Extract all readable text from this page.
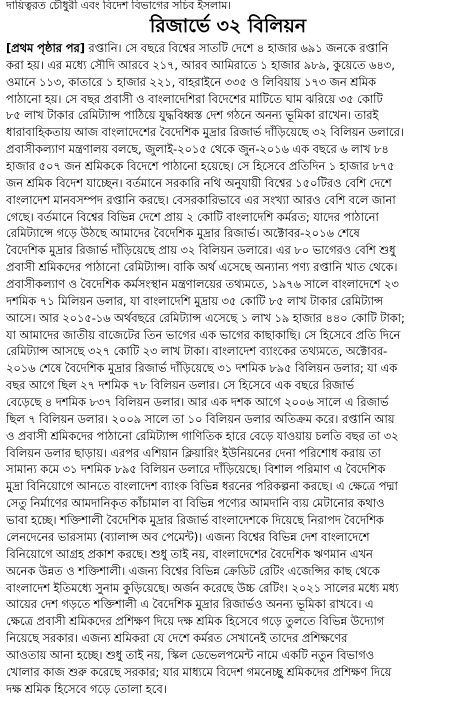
দায়িত্বরত চৌধুরী এবং বিদেশ বিভাগের সচিব ইসলাম।
রিজার্ভে ৩২ বিলিয়ন
[প্রথম পৃষ্ঠার পর] রপ্তানি। সে বছরে বিশ্বের সাতটি দেশে ৪ হাজার ৬৯১ জনকে রপ্তানি
করা হয়। এর মধ্যে সৌদি আরবে ২১৭, আরব আমিরাতে ১ হাজার ৯৮৯, কুয়েতে ৬৪৩,
ওমানে ১১৩, কাতারে ১ হাজার ২২১, বাহরাইনে ৩৩৫ ও লিবিয়ায় ১৭৩ জন শ্রমিক
পাঠানো হয়। সে বছর প্রবাসী ও বাংলাদেশিরা বিদেশের মাটিতে ঘাম ঝরিয়ে ৩৫ কোটি
৮৫ লাখ টাকার রেমিট্যান্স পাঠিয়ে যুদ্ধবিধ্বস্ত দেশ গঠনে অনন্য ভূমিকা রাখেন। তারই
ধারাবাহিকতায় আজ বাংলাদেশের বৈদেশিক মুদ্রার রিজার্ভ দাঁড়িয়েছে ৩২ বিলিয়ন ডলারে।
প্রবাসীকল্যাণ মন্ত্রণালয় বলছে, জুলাই-২০১৫ থেকে জুন-২০১৬ এক বছরে ৬ লাখ ৮৪
হাজার ৫০৭ জন শ্রমিককে বিদেশে পাঠানো হয়েছে। সে হিসেবে প্রতিদিন ১ হাজার ৮৭৫
জন শ্রমিক বিদেশ যাচ্ছেন। বর্তমানে সরকারি নথি অনুযায়ী বিশ্বের ১৫০টিরও বেশি দেশে
বাংলাদেশ মানবসম্পদ রপ্তানি করছে। বেসরকারিভাবে এর সংখ্যা আরও বেশি বলে জানা
গেছে। বর্তমানে বিশ্বের বিভিন্ন দেশে প্রায় ২ কোটি বাংলাদেশি কর্মরত; যাদের পাঠানো
রেমিট্যান্সে গড়ে উঠছে আমাদের বৈদেশিক মুদ্রার রিজার্ভ। অক্টোবর-২০১৬ শেষে
বৈদেশিক মুদ্রার রিজার্ভ দাঁড়িয়েছে প্রায় ৩২ বিলিয়ন ডলারে। এর ৮০ ভাগেরও বেশি শুধু
প্রবাসী শ্রমিকদের পাঠানো রেমিট্যান্স। বাকি অর্থ এসেছে অন্যান্য পণ্য রপ্তানি খাত থেকে।
প্রবাসীকল্যাণ ও বৈদেশিক কর্মসংস্থান মন্ত্রণালয়ের তথ্যমতে, ১৯৭৬ সালে বাংলাদেশে ২৩
দশমিক ৭১ মিলিয়ন ডলার, যা বাংলাদেশি মুদ্রায় ৩৫ কোটি ৮৫ লাখ টাকার রেমিট্যান্স
আসে। আর ২০১৫-১৬ অর্থবছরে রেমিট্যান্স এসেছে ১ লাখ ১৯ হাজার ৪৪০ কোটি টাকা;
যা আমাদের জাতীয় বাজেটের তিন ভাগের এক ভাগের কাছাকাছি। সে হিসেবে প্রতি দিনে
রেমিট্যান্স আসছে ৩২৭ কোটি ২৩ লাখ টাকা। বাংলাদেশ ব্যাংকের তথ্যমতে, অক্টোবর-
২০১৬ শেষে বৈদেশিক মুদ্রার রিজার্ভ দাঁড়িয়েছে ৩১ দশমিক ৮৯৫ বিলিয়ন ডলার; যা এক
বছর আগে ছিল ২৭ দশমিক ৭৮ বিলিয়ন ডলার। সে হিসেবে এক বছরে রিজার্ভ
বেড়েছে ৪ দশমিক ৮৩৭ বিলিয়ন ডলার। আর এক দশক আগে ২০০৬ সালে এ রিজার্ভ
ছিল ৭ বিলিয়ন ডলার। ২০০৯ সালে তা ১০ বিলিয়ন ডলার অতিক্রম করে। রপ্তানি আয়
ও প্রবাসী শ্রমিকদের পাঠানো রেমিট্যান্স গাণিতিক হারে বেড়ে যাওয়ায় চলতি বছর তা ৩২
বিলিয়ন ডলার ছাড়ায়। এরপর এশিয়ান ক্লিয়ারিং ইউনিয়নের দেনা পরিশোধ করায় তা
সামান্য কমে ৩১ দশমিক ৮৯৫ বিলিয়ন ডলারে দাঁড়িয়েছে। বিশাল পরিমাণ এ বৈদেশিক
মুদ্রা বিনিয়োগে আনতে বাংলাদেশ ব্যাংক বিভিন্ন ধরনের পরিকল্পনা করছে। এ ক্ষেত্রে পদ্মা
সেতু নির্মাণের আমদানিকৃত কাঁচামাল বা বিভিন্ন পণ্যের আমদানি ব্যয় মেটানোর কথাও
ভাবা হচ্ছে। শক্তিশালী বৈদেশিক মুদ্রার রিজার্ভ বাংলাদেশকে দিয়েছে নিরাপদ বৈদেশিক
লেনদেনের ভারসাম্য (ব্যালান্স অব পেমেন্ট)। এজন্য বিশ্বের বিভিন্ন দেশ বাংলাদেশে
বিনিয়োগে আগ্রহ প্রকাশ করছে। শুধু তাই নয়, বাংলাদেশের বৈদেশিক ঋণমান এখন
অনেক উন্নত ও শক্তিশালী। এজন্য বিশ্বের বিভিন্ন ক্রেডিট রেটিং এজেন্সির কাছ থেকে
বাংলাদেশ ইতিমধ্যে সুনাম কুড়িয়েছে। অর্জন করেছে উচ্চ রেটিং। ২০২১ সালের মধ্যে মধ্য
আয়ের দেশ গড়তে শক্তিশালী এ বৈদেশিক মুদ্রার রিজার্ভও অনন্য ভূমিকা রাখবে। এ
ক্ষেত্রে প্রবাসী শ্রমিকদের প্রশিক্ষণ দিয়ে দক্ষ শ্রমিক হিসেবে গড়ে তুলতে বিভিন্ন উদ্যোগ
নিয়েছে সরকার। এজন্য শ্রমিকরা যে দেশে কর্মরত সেখানেই তাদের প্রশিক্ষণের
আওতায় আনা হচ্ছে। শুধু তাই নয়, স্কিল ডেভেলপমেন্ট নামে একটি নতুন বিভাগও
খোলার কাজ শুরু করেছে সরকার; যার মাধ্যমে বিদেশ গমনেচ্ছু শ্রমিকদের প্রশিক্ষণ দিয়ে
দক্ষ শ্রমিক হিসেবে গড়ে তোলা হবে।
